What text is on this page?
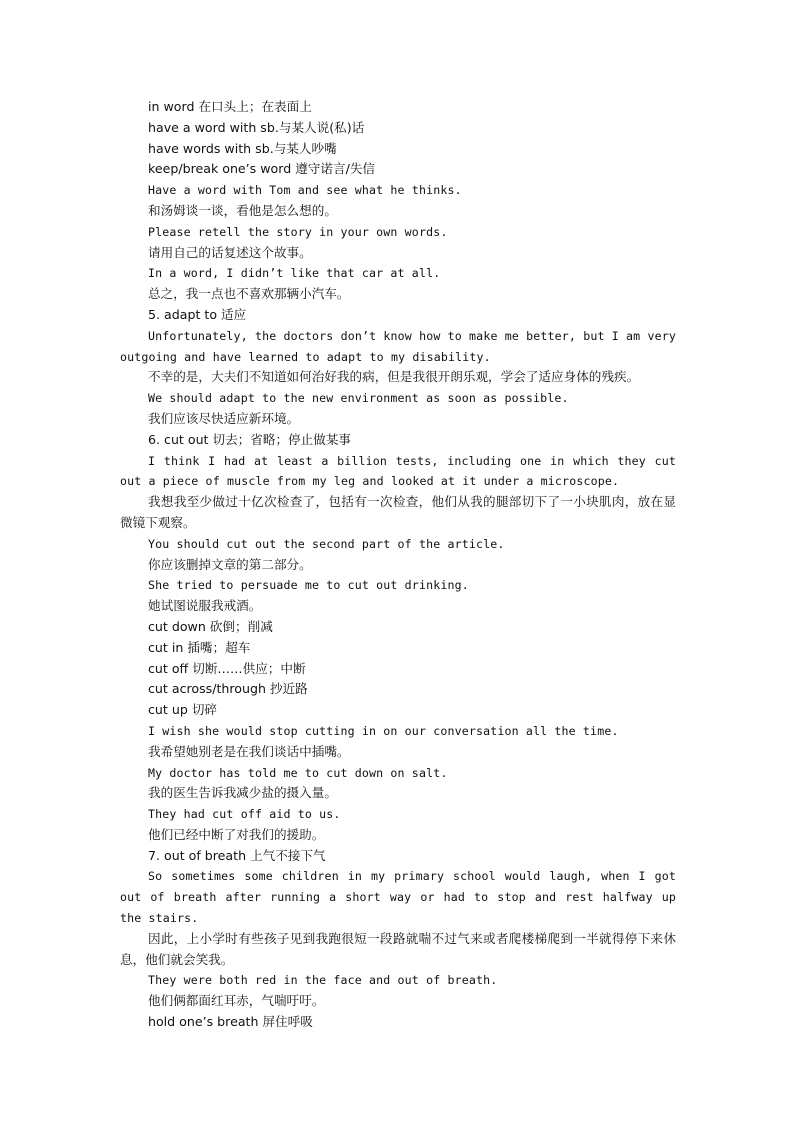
in word 在口头上；在表面上
have a word with sb.与某人说(私)话
have words with sb.与某人吵嘴
keep/break one’s word 遵守诺言/失信
Have a word with Tom and see what he thinks.
和汤姆谈一谈，看他是怎么想的。
Please retell the story in your own words.
请用自己的话复述这个故事。
In a word, I didn’t like that car at all.
总之，我一点也不喜欢那辆小汽车。
5. adapt to 适应
Unfortunately, the doctors don’t know how to make me better, but I am very outgoing and have learned to adapt to my disability.
不幸的是，大夫们不知道如何治好我的病，但是我很开朗乐观，学会了适应身体的残疾。
We should adapt to the new environment as soon as possible.
我们应该尽快适应新环境。
6. cut out 切去；省略；停止做某事
I think I had at least a billion tests, including one in which they cut out a piece of muscle from my leg and looked at it under a microscope.
我想我至少做过十亿次检查了，包括有一次检查，他们从我的腿部切下了一小块肌肉，放在显微镜下观察。
You should cut out the second part of the article.
你应该删掉文章的第二部分。
She tried to persuade me to cut out drinking.
她试图说服我戒酒。
cut down 砍倒；削减
cut in 插嘴；超车
cut off 切断……供应；中断
cut across/through 抄近路
cut up 切碎
I wish she would stop cutting in on our conversation all the time.
我希望她别老是在我们谈话中插嘴。
My doctor has told me to cut down on salt.
我的医生告诉我减少盐的摄入量。
They had cut off aid to us.
他们已经中断了对我们的援助。
7. out of breath 上气不接下气
So sometimes some children in my primary school would laugh, when I got out of breath after running a short way or had to stop and rest halfway up the stairs.
因此，上小学时有些孩子见到我跑很短一段路就喘不过气来或者爬楼梯爬到一半就得停下来休息，他们就会笑我。
They were both red in the face and out of breath.
他们俩都面红耳赤，气喘吁吁。
hold one’s breath 屏住呼吸
